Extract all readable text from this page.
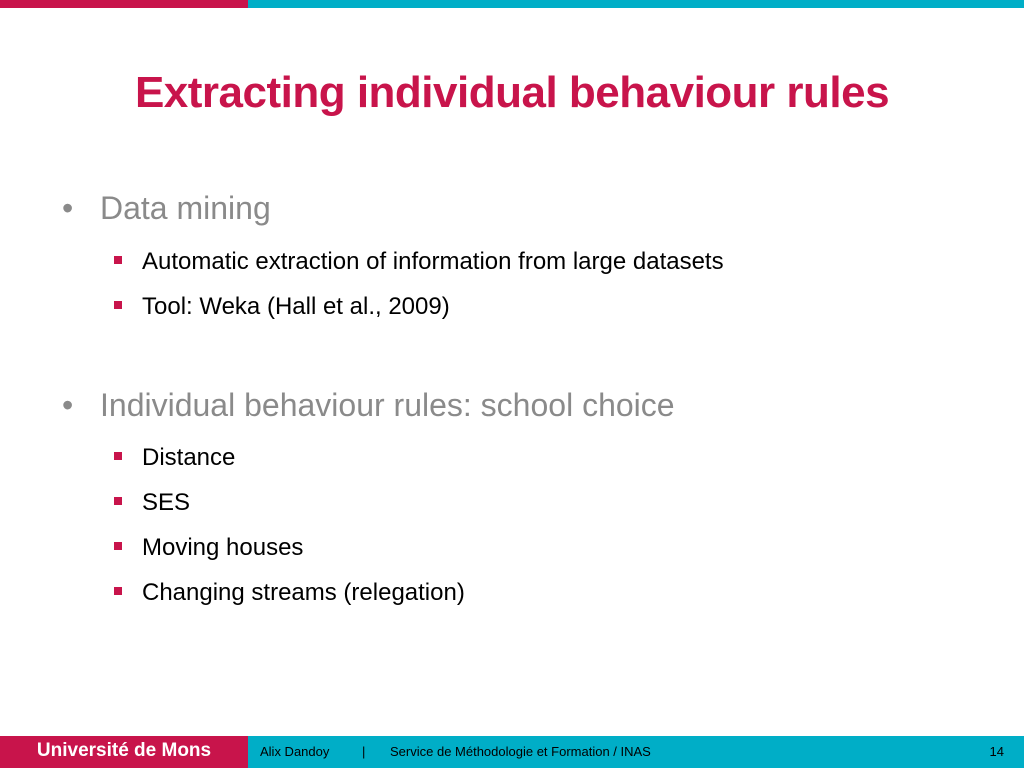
Extracting individual behaviour rules
• Data mining
Automatic extraction of information from large datasets
Tool: Weka (Hall et al., 2009)
• Individual behaviour rules: school choice
Distance
SES
Moving houses
Changing streams (relegation)
Université de Mons	Alix Dandoy	| Service de Méthodologie et Formation / INAS	14
